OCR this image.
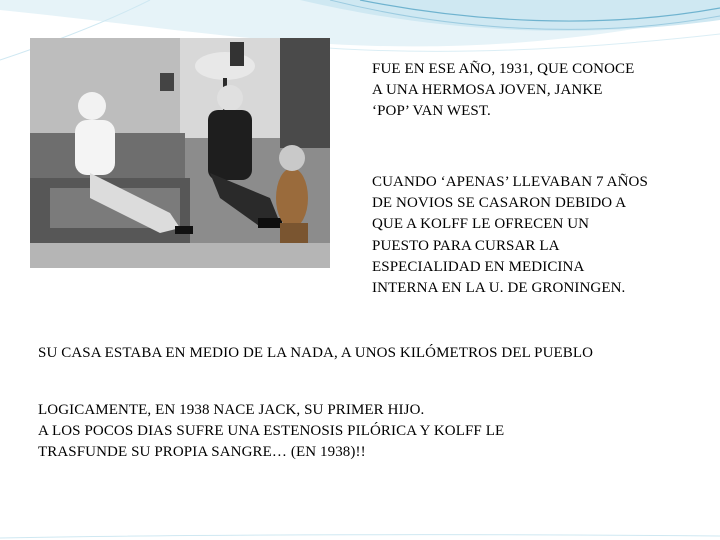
FUE EN ESE AÑO, 1931, QUE CONOCE
A UNA HERMOSA JOVEN, JANKE
‘POP’ VAN WEST.
CUANDO ‘APENAS’ LLEVABAN 7 AÑOS
DE NOVIOS SE CASARON DEBIDO A
QUE A KOLFF LE OFRECEN UN
PUESTO PARA CURSAR LA
ESPECIALIDAD EN MEDICINA
INTERNA EN LA U. DE GRONINGEN.
SU CASA ESTABA EN MEDIO DE LA NADA, A UNOS KILÓMETROS DEL PUEBLO
LOGICAMENTE, EN 1938 NACE JACK, SU PRIMER HIJO.
A LOS POCOS DIAS SUFRE UNA ESTENOSIS PILÓRICA Y KOLFF LE
TRASFUNDE SU PROPIA SANGRE… (EN 1938)!!
